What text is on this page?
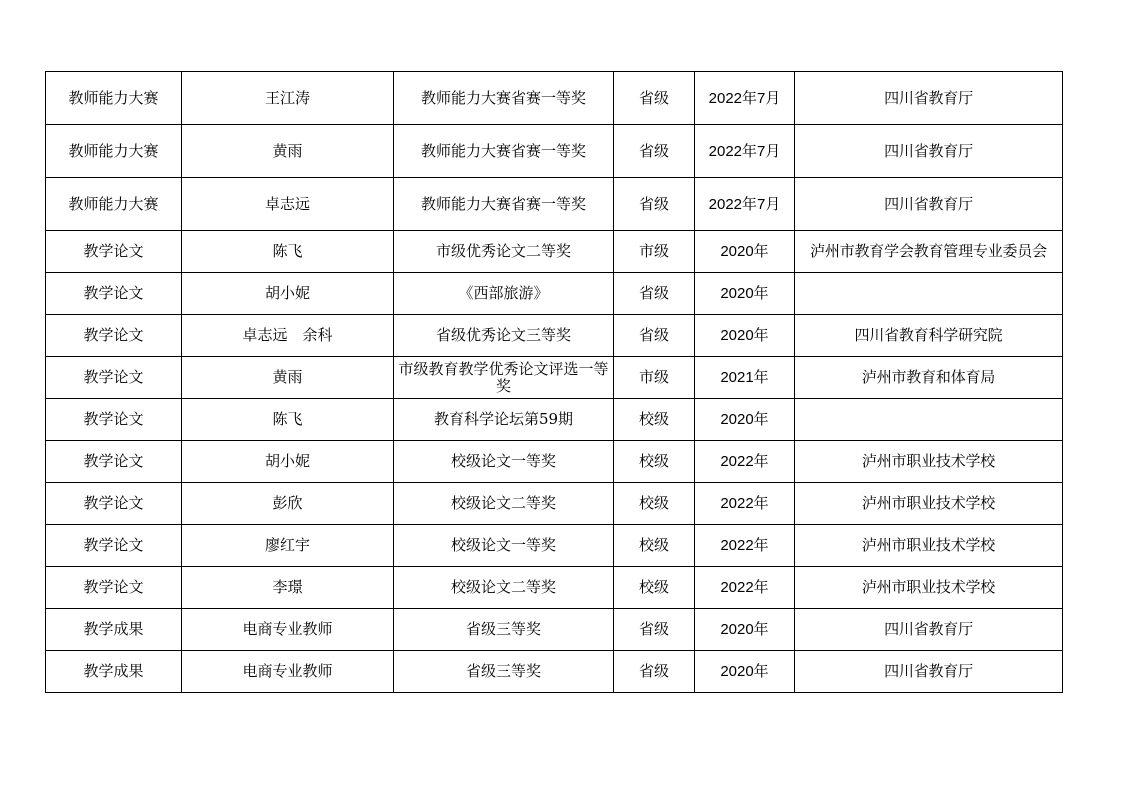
教师能力大赛	王江涛	教师能力大赛省赛一等奖	省级	2022年7月	四川省教育厅
教师能力大赛	黄雨	教师能力大赛省赛一等奖	省级	2022年7月	四川省教育厅
教师能力大赛	卓志远	教师能力大赛省赛一等奖	省级	2022年7月	四川省教育厅
教学论文	陈飞	市级优秀论文二等奖	市级	2020年	泸州市教育学会教育管理专业委员会
教学论文	胡小妮	《西部旅游》	省级	2020年	
教学论文	卓志远　余科	省级优秀论文三等奖	省级	2020年	四川省教育科学研究院
教学论文	黄雨	市级教育教学优秀论文评选一等奖	市级	2021年	泸州市教育和体育局
教学论文	陈飞	教育科学论坛第59期	校级	2020年	
教学论文	胡小妮	校级论文一等奖	校级	2022年	泸州市职业技术学校
教学论文	彭欣	校级论文二等奖	校级	2022年	泸州市职业技术学校
教学论文	廖红宇	校级论文一等奖	校级	2022年	泸州市职业技术学校
教学论文	李璟	校级论文二等奖	校级	2022年	泸州市职业技术学校
教学成果	电商专业教师	省级三等奖	省级	2020年	四川省教育厅
教学成果	电商专业教师	省级三等奖	省级	2020年	四川省教育厅
